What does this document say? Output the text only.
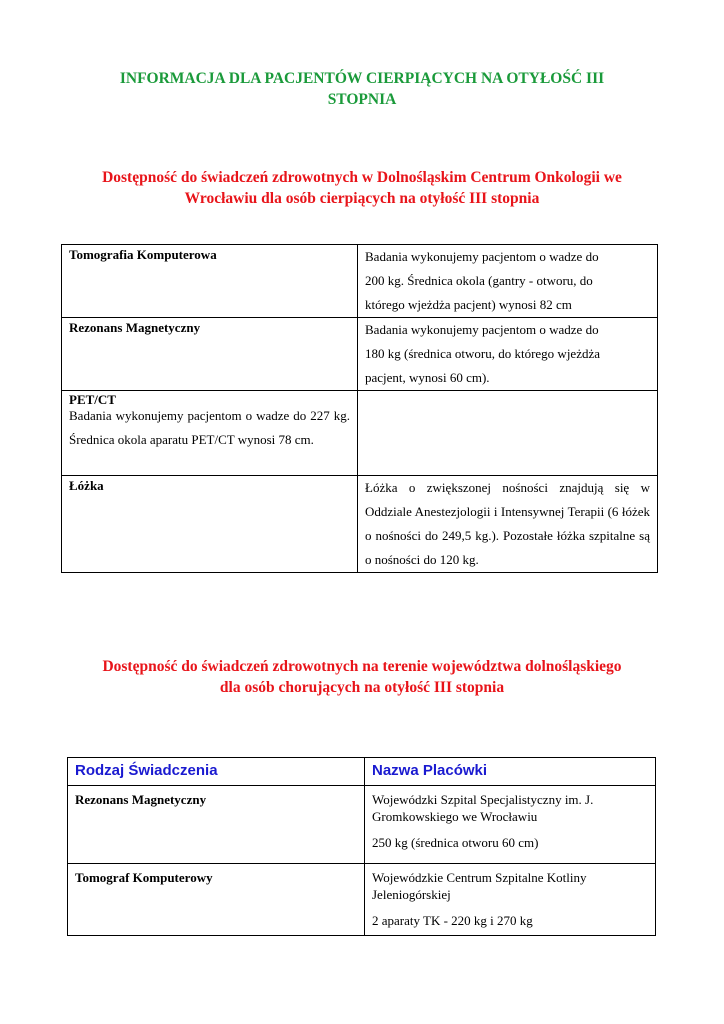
INFORMACJA DLA PACJENTÓW CIERPIĄCYCH NA OTYŁOŚĆ III
STOPNIA
Dostępność do świadczeń zdrowotnych w Dolnośląskim Centrum Onkologii we
Wrocławiu dla osób cierpiących na otyłość III stopnia
Tomografia Komputerowa	Badania wykonujemy pacjentom o wadze do
200 kg. Średnica okola (gantry - otworu, do
którego wjeżdża pacjent) wynosi 82 cm

Rezonans Magnetyczny	Badania wykonujemy pacjentom o wadze do
180 kg (średnica otworu, do którego wjeżdża
pacjent, wynosi 60 cm).

PET/CT
Badania wykonujemy pacjentom o wadze do 227 kg. Średnica okola aparatu PET/CT wynosi 78 cm.	

Łóżka	Łóżka o zwiększonej nośności znajdują się w Oddziale Anestezjologii i Intensywnej Terapii (6 łóżek o nośności do 249,5 kg.). Pozostałe łóżka szpitalne są o nośności do 120 kg.
Dostępność do świadczeń zdrowotnych na terenie województwa dolnośląskiego
dla osób chorujących na otyłość III stopnia
Rodzaj Świadczenia	Nazwa Placówki
Rezonans Magnetyczny	Wojewódzki Szpital Specjalistyczny im. J. Gromkowskiego we Wrocławiu

250 kg (średnica otworu 60 cm)

Tomograf Komputerowy	Wojewódzkie Centrum Szpitalne Kotliny Jeleniogórskiej

2 aparaty TK - 220 kg i 270 kg
